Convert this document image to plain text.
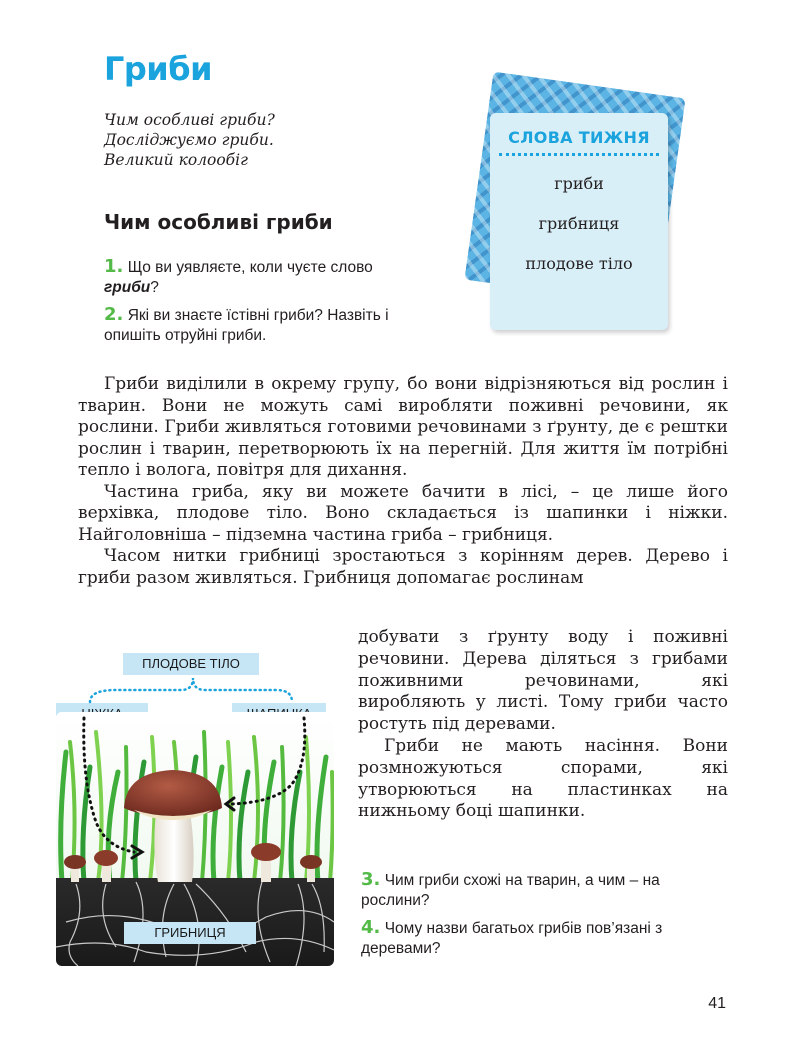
Гриби
Чим особливі гриби?
Досліджуємо гриби.
Великий колообіг
Чим особливі гриби
1. Що ви уявляєте, коли чуєте слово гриби?
2. Які ви знаєте їстівні гриби? Назвіть і опишіть отруйні гриби.
СЛОВА ТИЖНЯ
гриби
грибниця
плодове тіло

Гриби виділили в окрему групу, бо вони відрізняються від рослин і тварин. Вони не можуть самі виробляти поживні речовини, як рослини. Гриби живляться готовими речовинами з ґрунту, де є рештки рослин і тварин, перетворюють їх на перегній. Для життя їм потрібні тепло і волога, повітря для дихання.

Частина гриба, яку ви можете бачити в лісі, – це лише його верхівка, плодове тіло. Воно складається із шапинки і ніжки. Найголовніша – підземна частина гриба – грибниця.

Часом нитки грибниці зростаються з корінням дерев. Дерево і гриби разом живляться. Грибниця допомагає рослинам

добувати з ґрунту воду і поживні речовини. Дерева діляться з грибами поживними речовинами, які виробляють у листі. Тому гриби часто ростуть під деревами.

Гриби не мають насіння. Вони розмножуються спорами, які утворюються на пластинках на нижньому боці шапинки.

ПЛОДОВЕ ТІЛО
ГРИБНИЦЯ
3. Чим гриби схожі на тварин, а чим – на рослини?
4. Чому назви багатьох грибів пов’язані з деревами?
41
